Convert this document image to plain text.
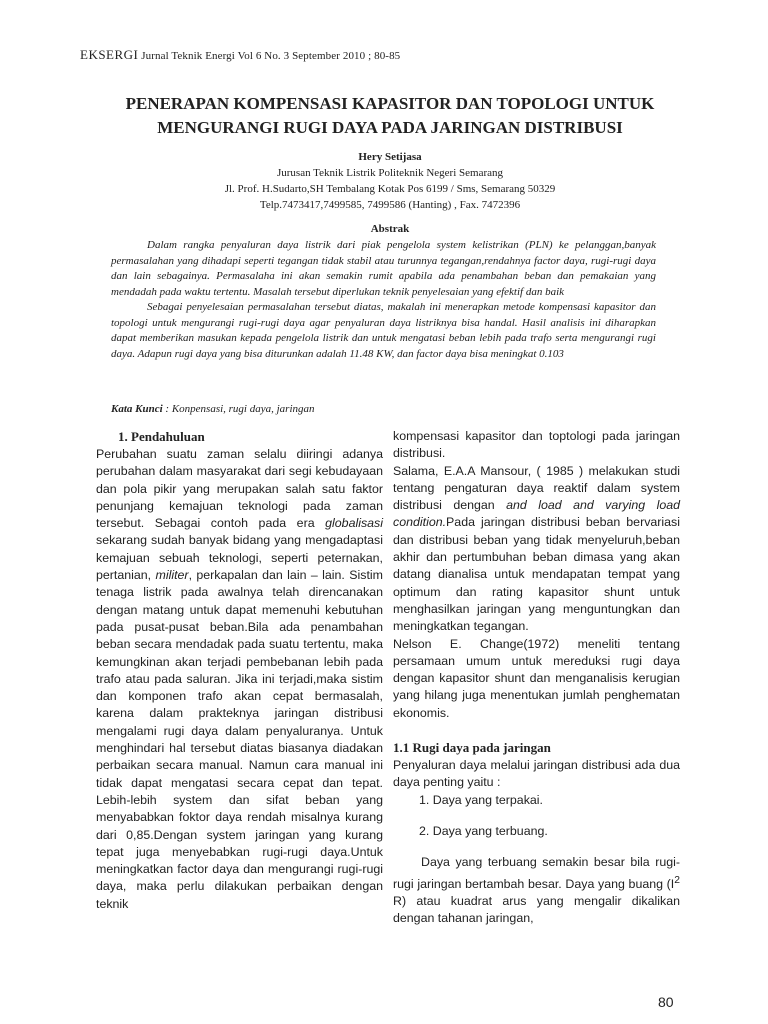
EKSERGI Jurnal Teknik Energi Vol 6 No. 3 September 2010 ; 80-85
PENERAPAN KOMPENSASI KAPASITOR DAN TOPOLOGI UNTUK
MENGURANGI RUGI DAYA PADA JARINGAN DISTRIBUSI
Hery Setijasa
Jurusan Teknik Listrik Politeknik Negeri Semarang
Jl. Prof. H.Sudarto,SH Tembalang Kotak Pos 6199 / Sms, Semarang 50329
Telp.7473417,7499585, 7499586 (Hanting) , Fax. 7472396
Abstrak

Dalam rangka penyaluran daya listrik dari piak pengelola system kelistrikan (PLN) ke pelanggan,banyak permasalahan yang dihadapi seperti tegangan tidak stabil atau turunnya tegangan,rendahnya factor daya, rugi-rugi daya dan lain sebagainya. Permasalaha ini akan semakin rumit apabila ada penambahan beban dan pemakaian yang mendadah pada waktu tertentu. Masalah tersebut diperlukan teknik penyelesaian yang efektif dan baik

Sebagai penyelesaian permasalahan tersebut diatas, makalah ini menerapkan metode kompensasi kapasitor dan topologi untuk mengurangi rugi-rugi daya agar penyaluran daya listriknya bisa handal. Hasil analisis ini diharapkan dapat memberikan masukan kepada pengelola listrik dan untuk mengatasi beban lebih pada trafo serta mengurangi rugi daya. Adapun rugi daya yang bisa diturunkan adalah 11.48 KW, dan factor daya bisa meningkat 0.103

Kata Kunci : Konpensasi, rugi daya, jaringan
1. Pendahuluan

Perubahan suatu zaman selalu diiringi adanya perubahan dalam masyarakat dari segi kebudayaan dan pola pikir yang merupakan salah satu faktor penunjang kemajuan teknologi pada zaman tersebut. Sebagai contoh pada era globalisasi sekarang sudah banyak bidang yang mengadaptasi kemajuan sebuah teknologi, seperti peternakan, pertanian, militer, perkapalan dan lain – lain. Sistim tenaga listrik pada awalnya telah direncanakan dengan matang untuk dapat memenuhi kebutuhan pada pusat-pusat beban.Bila ada penambahan beban secara mendadak pada suatu tertentu, maka kemungkinan akan terjadi pembebanan lebih pada trafo atau pada saluran. Jika ini terjadi,maka sistim dan komponen trafo akan cepat bermasalah, karena dalam prakteknya jaringan distribusi mengalami rugi daya dalam penyaluranya. Untuk menghindari hal tersebut diatas biasanya diadakan perbaikan secara manual. Namun cara manual ini tidak dapat mengatasi secara cepat dan tepat. Lebih-lebih system dan sifat beban yang menyababkan foktor daya rendah misalnya kurang dari 0,85.Dengan system jaringan yang kurang tepat juga menyebabkan rugi-rugi daya.Untuk meningkatkan factor daya dan mengurangi rugi-rugi daya, maka perlu dilakukan perbaikan dengan teknik

kompensasi kapasitor dan toptologi pada jaringan distribusi.

Salama, E.A.A Mansour, ( 1985 ) melakukan studi tentang pengaturan daya reaktif dalam system distribusi dengan and load and varying load condition.Pada jaringan distribusi beban bervariasi dan distribusi beban yang tidak menyeluruh,beban akhir dan pertumbuhan beban dimasa yang akan datang dianalisa untuk mendapatan tempat yang optimum dan rating kapasitor shunt untuk menghasilkan jaringan yang menguntungkan dan meningkatkan tegangan.

Nelson E. Change(1972) meneliti tentang persamaan umum untuk mereduksi rugi daya dengan kapasitor shunt dan menganalisis kerugian yang hilang juga menentukan jumlah penghematan ekonomis.

1.1 Rugi daya pada jaringan

Penyaluran daya melalui jaringan distribusi ada dua daya penting yaitu :

1. Daya yang terpakai.

2. Daya yang terbuang.

Daya yang terbuang semakin besar bila rugi-rugi jaringan bertambah besar. Daya yang buang ($I^2$ R) atau kuadrat arus yang mengalir dikalikan dengan tahanan jaringan,

80
